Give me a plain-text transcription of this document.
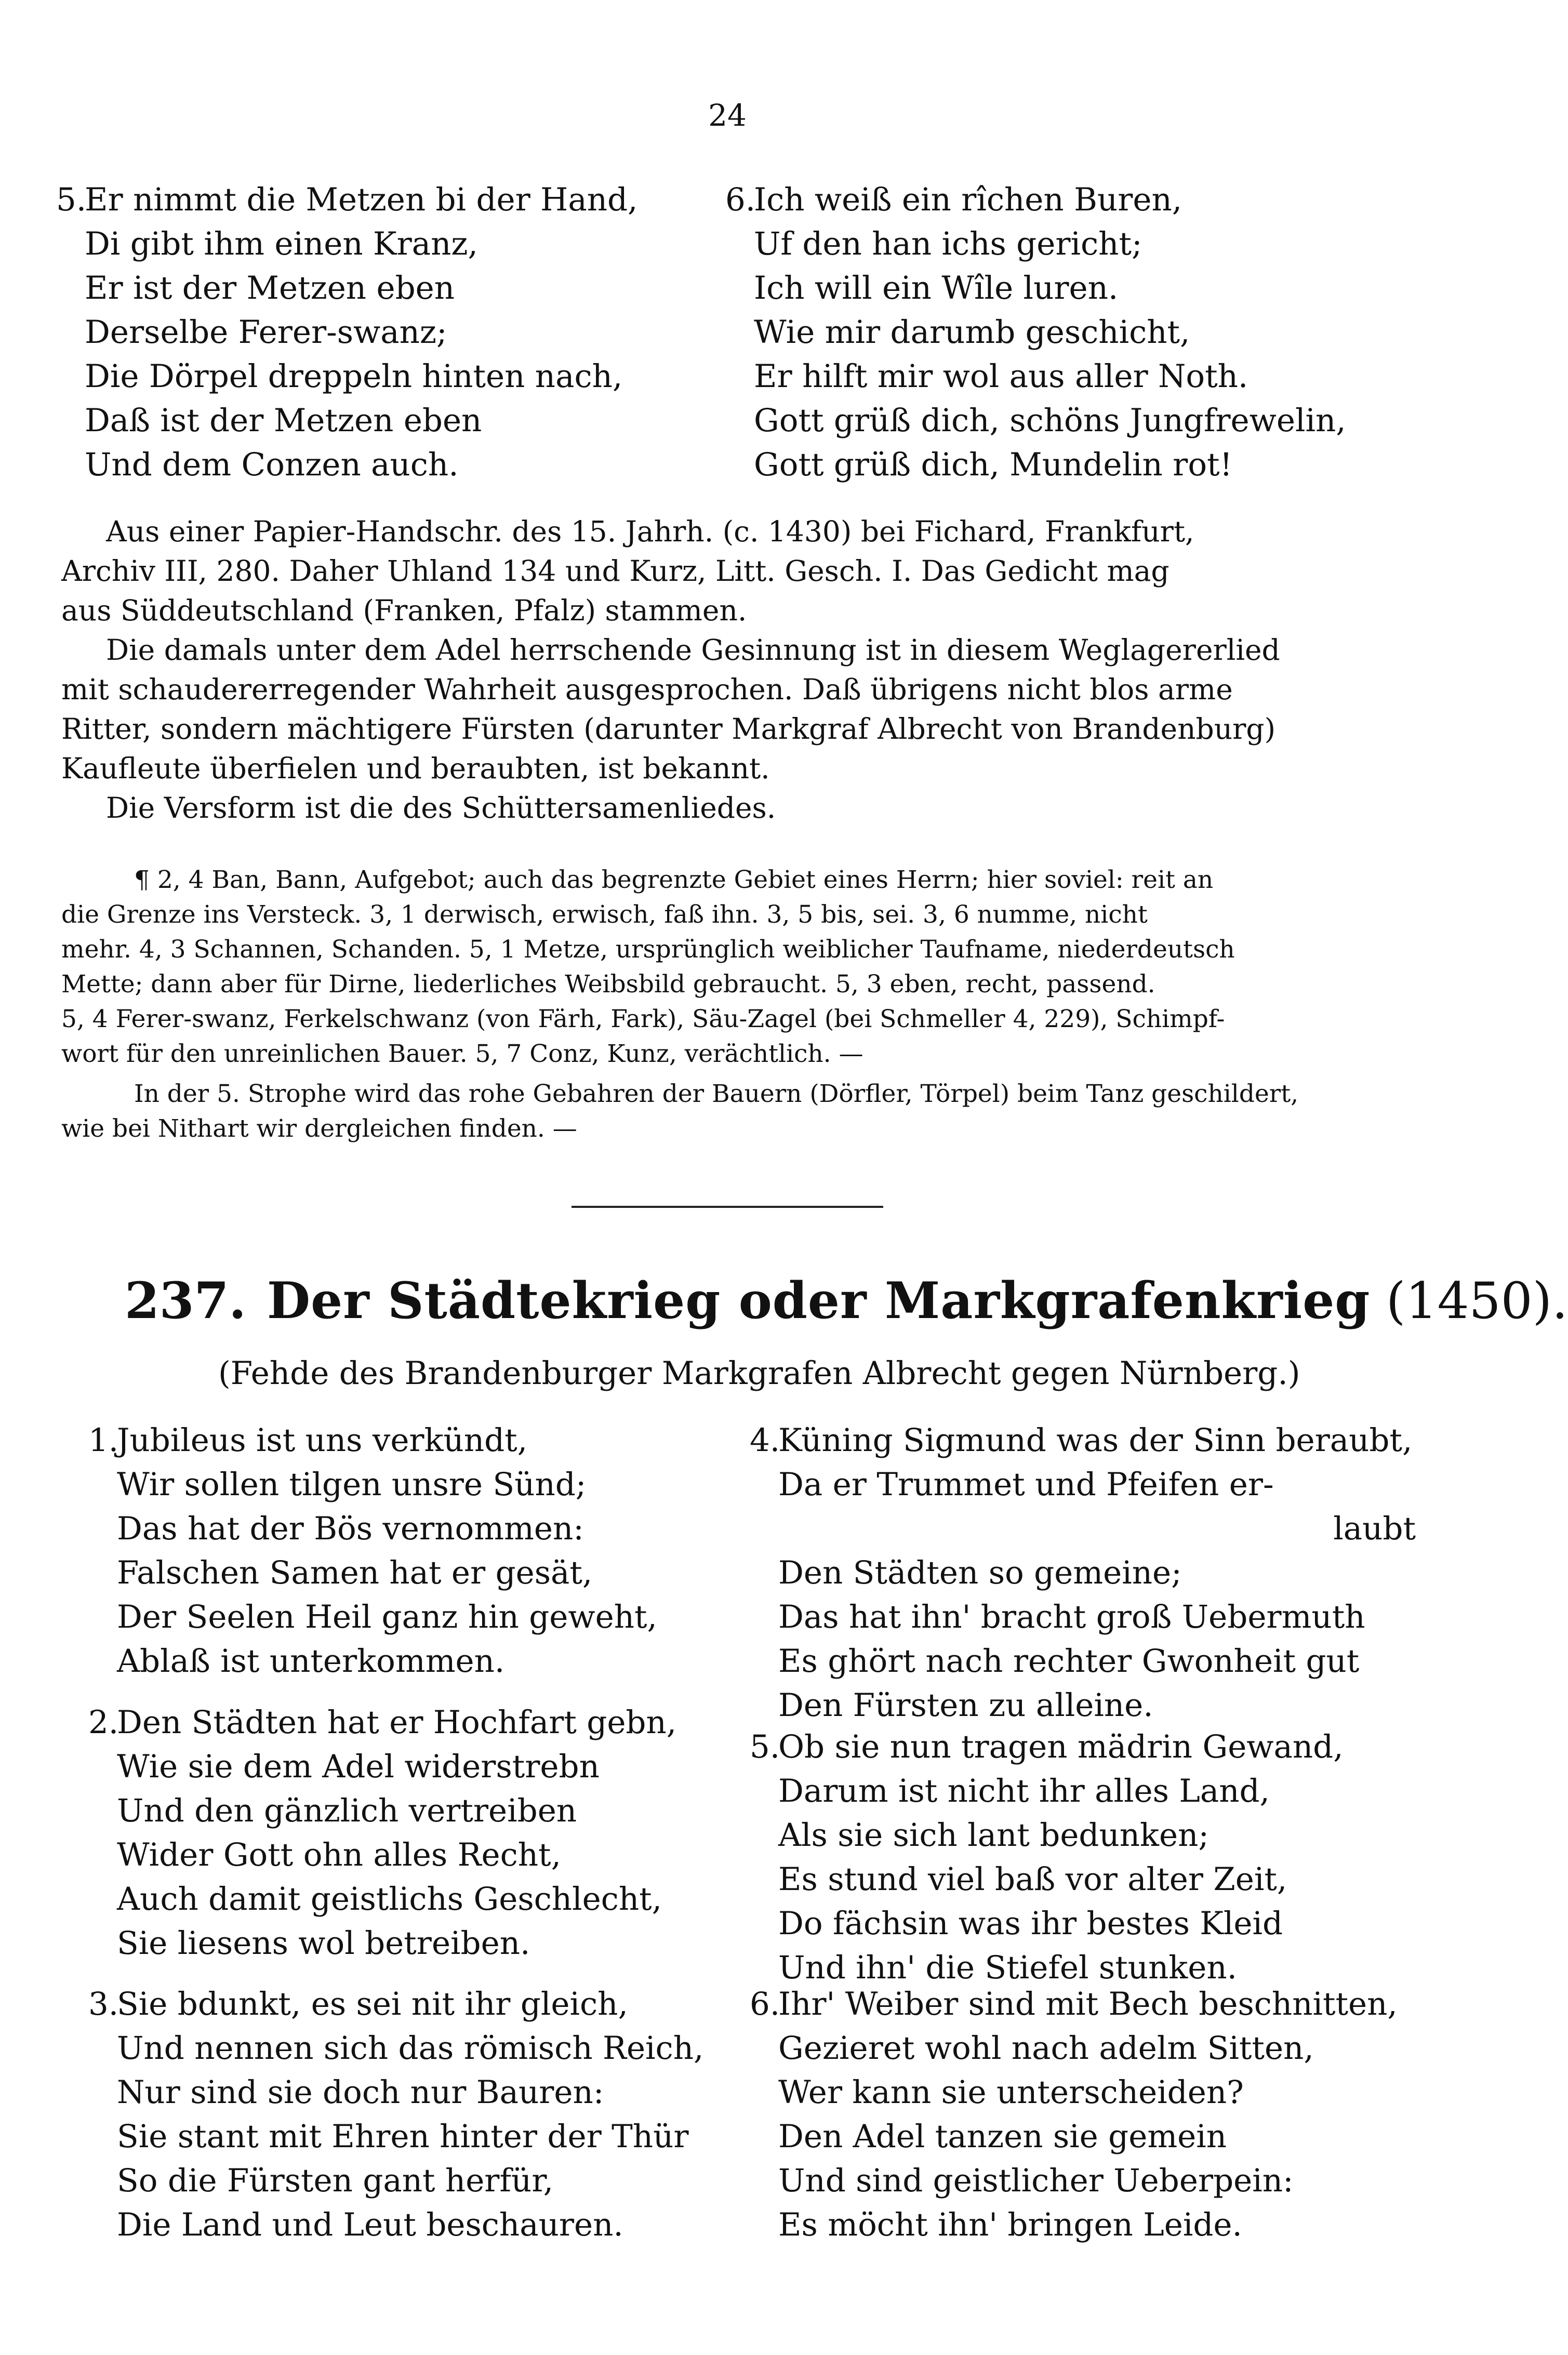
24
5.Er nimmt die Metzen bi der Hand,
Di gibt ihm einen Kranz,
Er ist der Metzen eben
Derselbe Ferer-swanz;
Die Dörpel dreppeln hinten nach,
Daß ist der Metzen eben
Und dem Conzen auch.
6.Ich weiß ein rîchen Buren,
Uf den han ichs gericht;
Ich will ein Wîle luren.
Wie mir darumb geschicht,
Er hilft mir wol aus aller Noth.
Gott grüß dich, schöns Jungfrewelin,
Gott grüß dich, Mundelin rot!
Aus einer Papier-Handschr. des 15. Jahrh. (c. 1430) bei Fichard, Frankfurt,
Archiv III, 280. Daher Uhland 134 und Kurz, Litt. Gesch. I. Das Gedicht mag
aus Süddeutschland (Franken, Pfalz) stammen.
Die damals unter dem Adel herrschende Gesinnung ist in diesem Weglagererlied
mit schaudererregender Wahrheit ausgesprochen. Daß übrigens nicht blos arme
Ritter, sondern mächtigere Fürsten (darunter Markgraf Albrecht von Brandenburg)
Kaufleute überfielen und beraubten, ist bekannt.
Die Versform ist die des Schüttersamenliedes.
¶ 2, 4 Ban, Bann, Aufgebot; auch das begrenzte Gebiet eines Herrn; hier soviel: reit an
die Grenze ins Versteck. 3, 1 derwisch, erwisch, faß ihn. 3, 5 bis, sei. 3, 6 numme, nicht
mehr. 4, 3 Schannen, Schanden. 5, 1 Metze, ursprünglich weiblicher Taufname, niederdeutsch
Mette; dann aber für Dirne, liederliches Weibsbild gebraucht. 5, 3 eben, recht, passend.
5, 4 Ferer-swanz, Ferkelschwanz (von Färh, Fark), Säu-Zagel (bei Schmeller 4, 229), Schimpf-
wort für den unreinlichen Bauer. 5, 7 Conz, Kunz, verächtlich. —
In der 5. Strophe wird das rohe Gebahren der Bauern (Dörfler, Törpel) beim Tanz geschildert,
wie bei Nithart wir dergleichen finden. —
237. Der Städtekrieg oder Markgrafenkrieg (1450).
(Fehde des Brandenburger Markgrafen Albrecht gegen Nürnberg.)
1.Jubileus ist uns verkündt,
Wir sollen tilgen unsre Sünd;
Das hat der Bös vernommen:
Falschen Samen hat er gesät,
Der Seelen Heil ganz hin geweht,
Ablaß ist unterkommen.
2.Den Städten hat er Hochfart gebn,
Wie sie dem Adel widerstrebn
Und den gänzlich vertreiben
Wider Gott ohn alles Recht,
Auch damit geistlichs Geschlecht,
Sie liesens wol betreiben.
3.Sie bdunkt, es sei nit ihr gleich,
Und nennen sich das römisch Reich,
Nur sind sie doch nur Bauren:
Sie stant mit Ehren hinter der Thür
So die Fürsten gant herfür,
Die Land und Leut beschauren.
4.Küning Sigmund was der Sinn beraubt,
Da er Trummet und Pfeifen er-
laubt
Den Städten so gemeine;
Das hat ihn' bracht groß Uebermuth
Es ghört nach rechter Gwonheit gut
Den Fürsten zu alleine.
5.Ob sie nun tragen mädrin Gewand,
Darum ist nicht ihr alles Land,
Als sie sich lant bedunken;
Es stund viel baß vor alter Zeit,
Do fächsin was ihr bestes Kleid
Und ihn' die Stiefel stunken.
6.Ihr' Weiber sind mit Bech beschnitten,
Gezieret wohl nach adelm Sitten,
Wer kann sie unterscheiden?
Den Adel tanzen sie gemein
Und sind geistlicher Ueberpein:
Es möcht ihn' bringen Leide.
